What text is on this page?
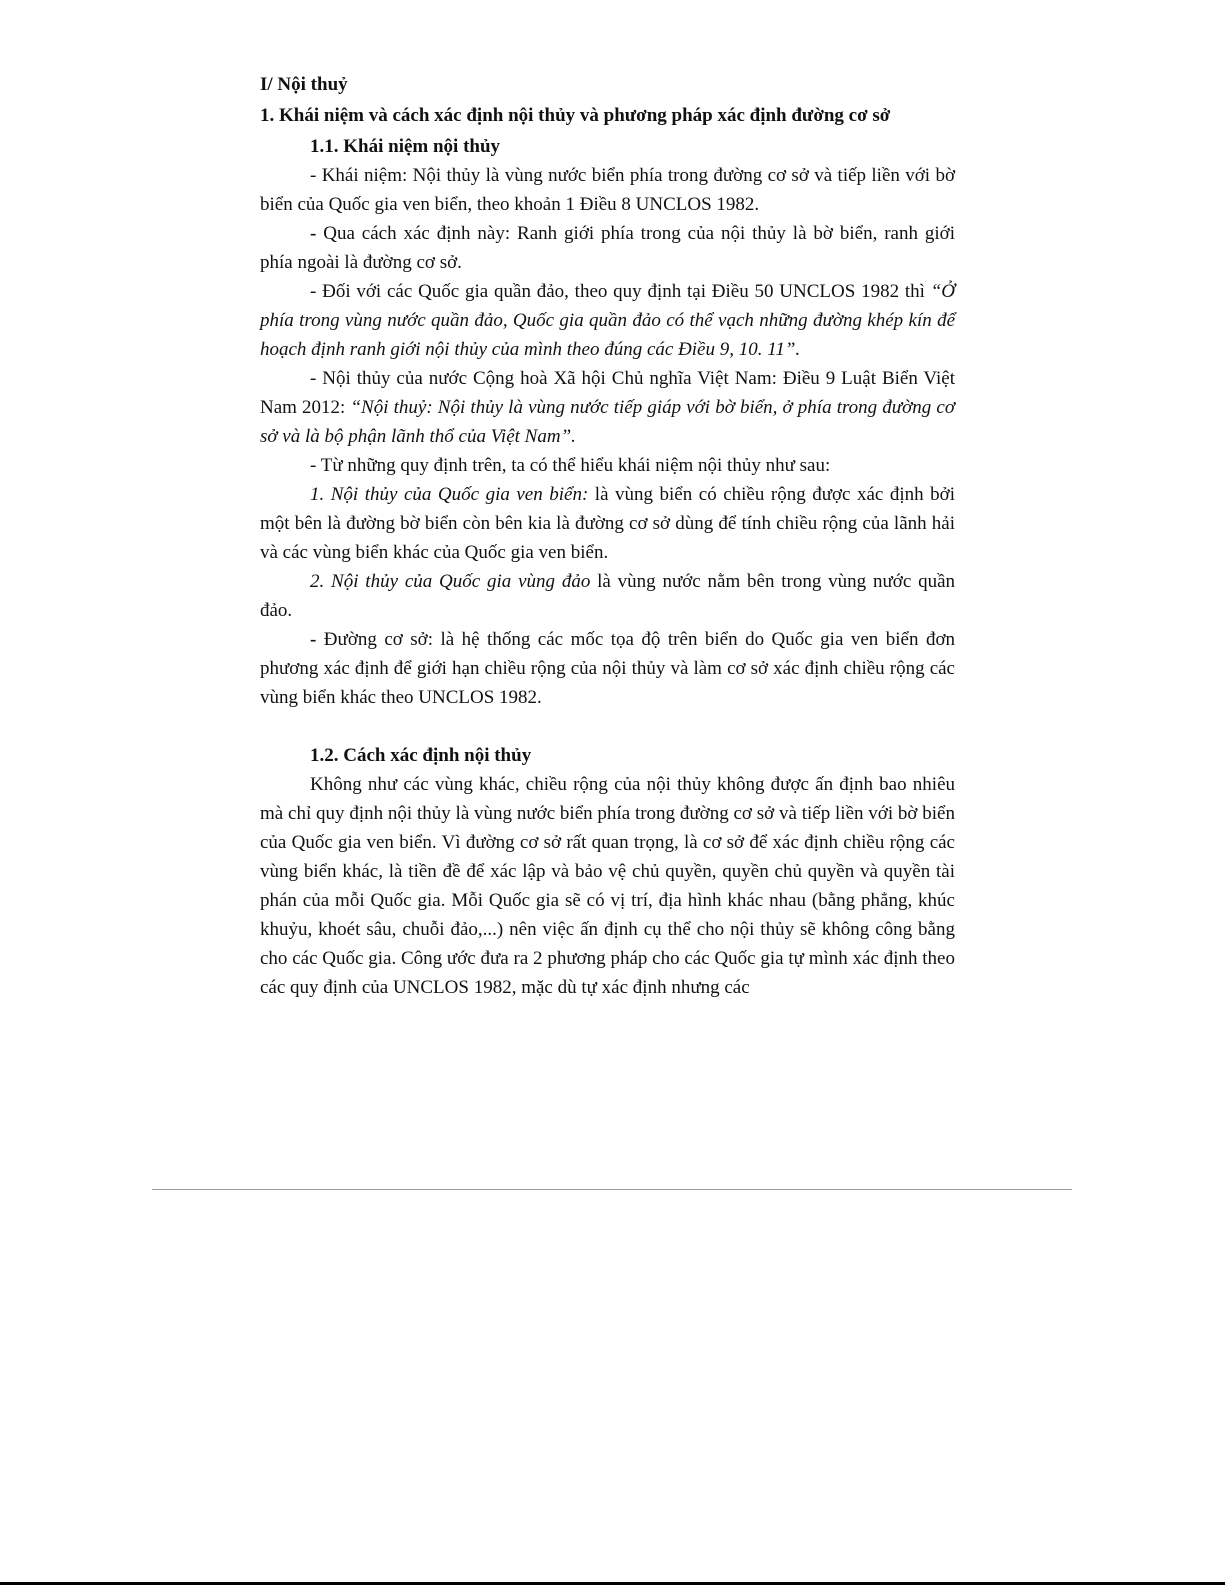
I/ Nội thuỷ

1. Khái niệm và cách xác định nội thủy và phương pháp xác định đường cơ sở

1.1. Khái niệm nội thủy

- Khái niệm: Nội thủy là vùng nước biển phía trong đường cơ sở và tiếp liền với bờ biển của Quốc gia ven biển, theo khoản 1 Điều 8 UNCLOS 1982.

- Qua cách xác định này: Ranh giới phía trong của nội thủy là bờ biển, ranh giới phía ngoài là đường cơ sở.

- Đối với các Quốc gia quần đảo, theo quy định tại Điều 50 UNCLOS 1982 thì “Ở phía trong vùng nước quần đảo, Quốc gia quần đảo có thể vạch những đường khép kín để hoạch định ranh giới nội thủy của mình theo đúng các Điều 9, 10. 11”.

- Nội thủy của nước Cộng hoà Xã hội Chủ nghĩa Việt Nam: Điều 9 Luật Biển Việt Nam 2012: “Nội thuỷ: Nội thủy là vùng nước tiếp giáp với bờ biển, ở phía trong đường cơ sở và là bộ phận lãnh thổ của Việt Nam”.

- Từ những quy định trên, ta có thể hiểu khái niệm nội thủy như sau:

1. Nội thủy của Quốc gia ven biển: là vùng biển có chiều rộng được xác định bởi một bên là đường bờ biển còn bên kia là đường cơ sở dùng để tính chiều rộng của lãnh hải và các vùng biển khác của Quốc gia ven biển.

2. Nội thủy của Quốc gia vùng đảo là vùng nước nằm bên trong vùng nước quần đảo.

- Đường cơ sở: là hệ thống các mốc tọa độ trên biển do Quốc gia ven biển đơn phương xác định để giới hạn chiều rộng của nội thủy và làm cơ sở xác định chiều rộng các vùng biển khác theo UNCLOS 1982.

1.2. Cách xác định nội thủy

Không như các vùng khác, chiều rộng của nội thủy không được ấn định bao nhiêu mà chỉ quy định nội thủy là vùng nước biển phía trong đường cơ sở và tiếp liền với bờ biển của Quốc gia ven biển. Vì đường cơ sở rất quan trọng, là cơ sở để xác định chiều rộng các vùng biển khác, là tiền đề để xác lập và bảo vệ chủ quyền, quyền chủ quyền và quyền tài phán của mỗi Quốc gia. Mỗi Quốc gia sẽ có vị trí, địa hình khác nhau (bằng phẳng, khúc khuỷu, khoét sâu, chuỗi đảo,...) nên việc ấn định cụ thể cho nội thủy sẽ không công bằng cho các Quốc gia. Công ước đưa ra 2 phương pháp cho các Quốc gia tự mình xác định theo các quy định của UNCLOS 1982, mặc dù tự xác định nhưng các
